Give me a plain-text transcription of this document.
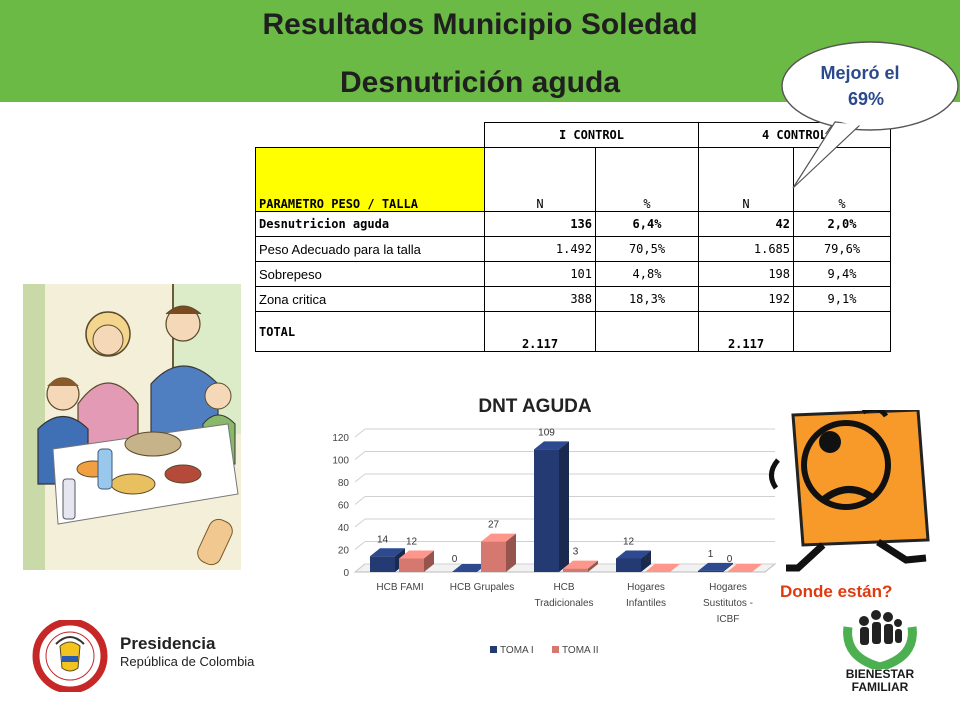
Resultados Municipio Soledad
Desnutrición aguda
	I CONTROL		4 CONTROL	
PARAMETRO PESO / TALLA	N	%	N	%
Desnutricion aguda	136	6,4%	42	2,0%
Peso Adecuado para la talla	1.492	70,5%	1.685	79,6%
Sobrepeso	101	4,8%	198	9,4%
Zona critica	388	18,3%	192	9,1%
TOTAL	2.117		2.117	
Mejoró el
69%
DNT AGUDA
0
20
40
60
80
100
120
14 12
0
27
109
3
12
0	1 0
HCB FAMI	HCB Grupales	HCB
Tradicionales
Hogares
Infantiles
Hogares
Sustitutos -
ICBF
TOMA I	TOMA II
Donde están?
Presidencia
República de Colombia
BIENESTAR
FAMILIAR
